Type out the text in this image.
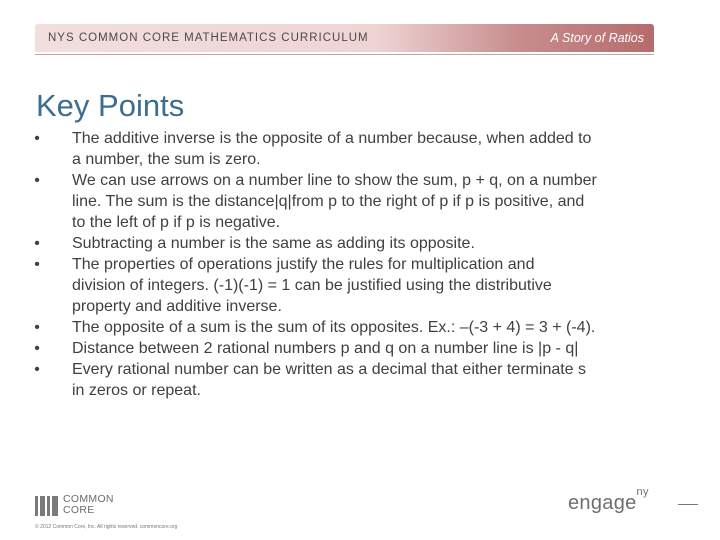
NYS COMMON CORE MATHEMATICS CURRICULUM	A Story of Ratios
Key Points
• The additive inverse is the opposite of a number because, when added to
a number, the sum is zero.
• We can use arrows on a number line to show the sum, p + q, on a number
line. The sum is the distance|q|from p to the right of p if p is positive, and
to the left of p if p is negative.
• Subtracting a number is the same as adding its opposite.
• The properties of operations justify the rules for multiplication and
division of integers. (-1)(-1) = 1 can be justified using the distributive
property and additive inverse.
• The opposite of a sum is the sum of its opposites. Ex.: –(-3 + 4) = 3 + (-4).
• Distance between 2 rational numbers p and q on a number line is |p - q|
• Every rational number can be written as a decimal that either terminate s
in zeros or repeat.
COMMON
CORE
© 2012 Common Core, Inc. All rights reserved. commoncore.org
engage$^{ny}$
